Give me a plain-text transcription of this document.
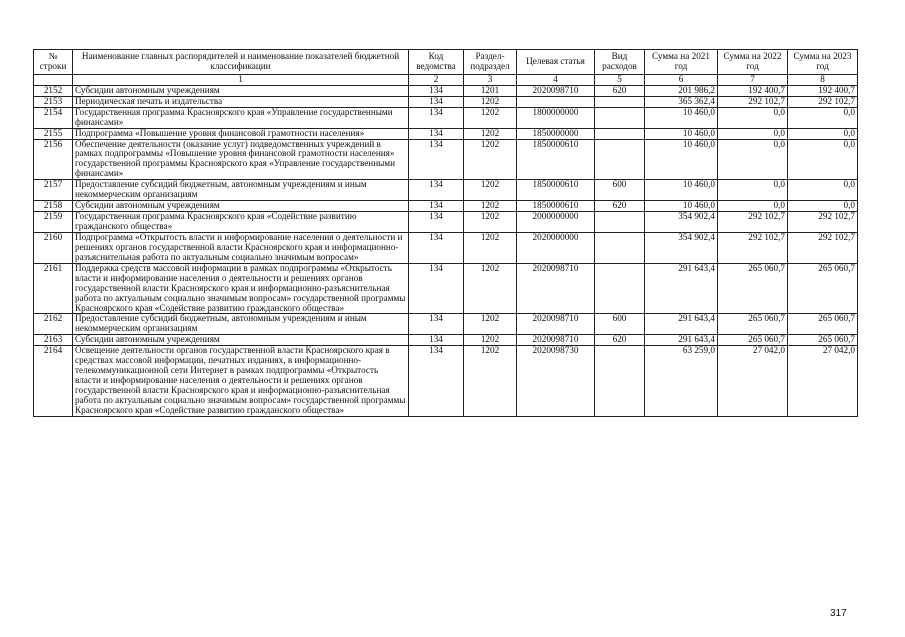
№ строки	Наименование главных распорядителей и наименование показателей бюджетной классификации	Код ведомства	Раздел-подраздел	Целевая статья	Вид расходов	Сумма на 2021 год	Сумма на 2022 год	Сумма на 2023 год
	1	2	3	4	5	6	7	8
2152	Субсидии автономным учреждениям	134	1201	2020098710	620	201 986,2	192 400,7	192 400,7
2153	Периодическая печать и издательства	134	1202			365 362,4	292 102,7	292 102,7
2154	Государственная программа Красноярского края «Управление государственными финансами»	134	1202	1800000000		10 460,0	0,0	0,0
2155	Подпрограмма «Повышение уровня финансовой грамотности населения»	134	1202	1850000000		10 460,0	0,0	0,0
2156	Обеспечение деятельности (оказание услуг) подведомственных учреждений в рамках подпрограммы «Повышение уровня финансовой грамотности населения» государственной программы Красноярского края «Управление государственными финансами»	134	1202	1850000610		10 460,0	0,0	0,0
2157	Предоставление субсидий бюджетным, автономным учреждениям и иным некоммерческим организациям	134	1202	1850000610	600	10 460,0	0,0	0,0
2158	Субсидии автономным учреждениям	134	1202	1850000610	620	10 460,0	0,0	0,0
2159	Государственная программа Красноярского края «Содействие развитию гражданского общества»	134	1202	2000000000		354 902,4	292 102,7	292 102,7
2160	Подпрограмма «Открытость власти и информирование населения о деятельности и решениях органов государственной власти Красноярского края и информационно-разъяснительная работа по актуальным социально значимым вопросам»	134	1202	2020000000		354 902,4	292 102,7	292 102,7
2161	Поддержка средств массовой информации в рамках подпрограммы «Открытость власти и информирование населения о деятельности и решениях органов государственной власти Красноярского края и информационно-разъяснительная работа по актуальным социально значимым вопросам» государственной программы Красноярского края «Содействие развитию гражданского общества»	134	1202	2020098710		291 643,4	265 060,7	265 060,7
2162	Предоставление субсидий бюджетным, автономным учреждениям и иным некоммерческим организациям	134	1202	2020098710	600	291 643,4	265 060,7	265 060,7
2163	Субсидии автономным учреждениям	134	1202	2020098710	620	291 643,4	265 060,7	265 060,7
2164	Освещение деятельности органов государственной власти Красноярского края в средствах массовой информации, печатных изданиях, в информационно-телекоммуникационной сети Интернет в рамках подпрограммы «Открытость власти и информирование населения о деятельности и решениях органов государственной власти Красноярского края и информационно-разъяснительная работа по актуальным социально значимым вопросам» государственной программы Красноярского края «Содействие развитию гражданского общества»	134	1202	2020098730		63 259,0	27 042,0	27 042,0
317
